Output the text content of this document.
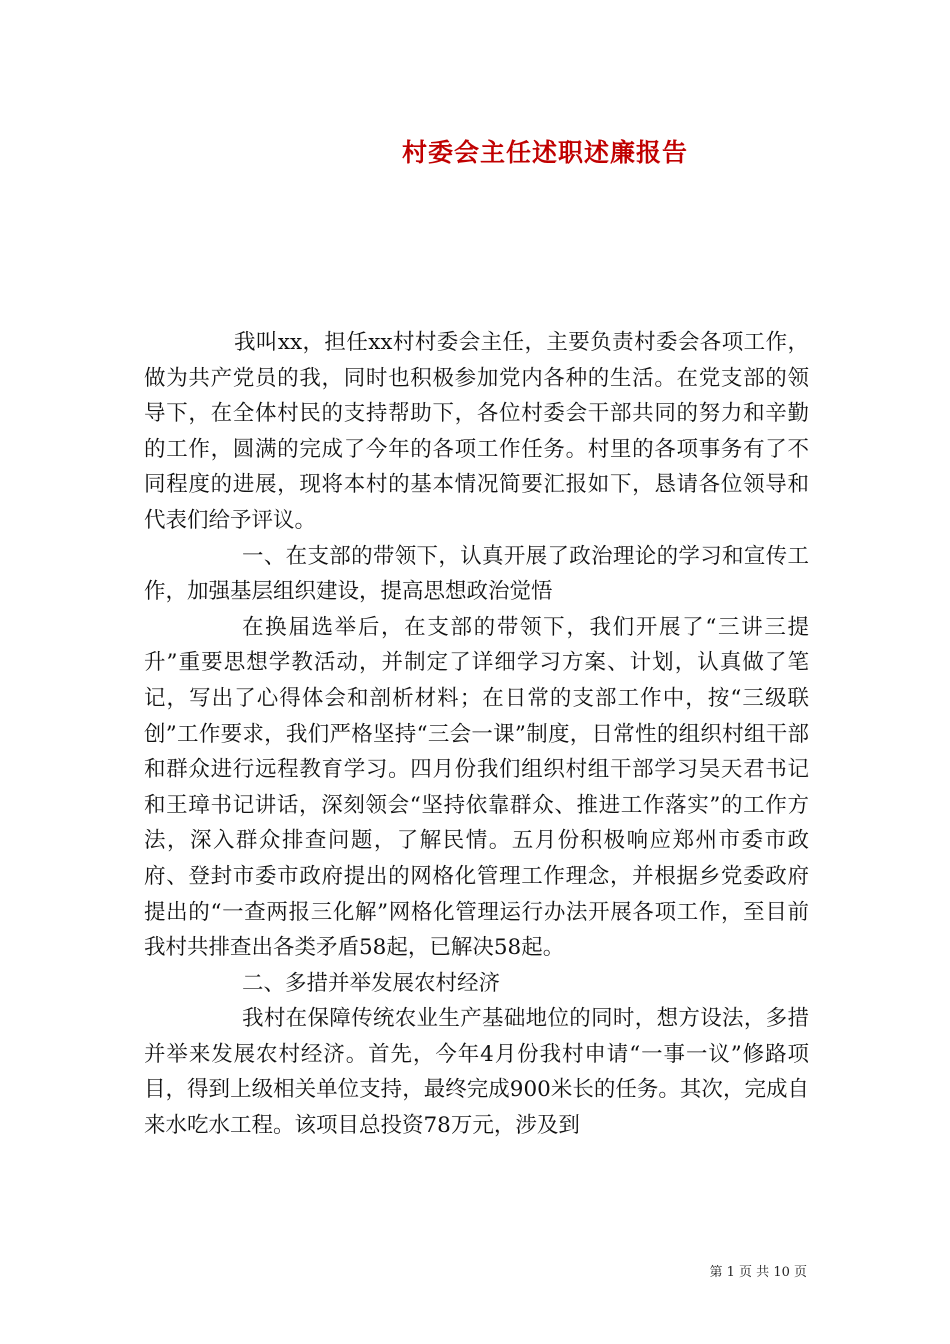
村委会主任述职述廉报告

我叫xx，担任xx村村委会主任，主要负责村委会各项工作，做为共产党员的我，同时也积极参加党内各种的生活。在党支部的领导下，在全体村民的支持帮助下，各位村委会干部共同的努力和辛勤的工作，圆满的完成了今年的各项工作任务。村里的各项事务有了不同程度的进展，现将本村的基本情况简要汇报如下，恳请各位领导和代表们给予评议。

一、在支部的带领下，认真开展了政治理论的学习和宣传工作，加强基层组织建设，提高思想政治觉悟

在换届选举后，在支部的带领下，我们开展了“三讲三提升”重要思想学教活动，并制定了详细学习方案、计划，认真做了笔记，写出了心得体会和剖析材料；在日常的支部工作中，按“三级联创”工作要求，我们严格坚持“三会一课”制度，日常性的组织村组干部和群众进行远程教育学习。四月份我们组织村组干部学习吴天君书记和王璋书记讲话，深刻领会“坚持依靠群众、推进工作落实”的工作方法，深入群众排查问题，了解民情。五月份积极响应郑州市委市政府、登封市委市政府提出的网格化管理工作理念，并根据乡党委政府提出的“一查两报三化解”网格化管理运行办法开展各项工作，至目前我村共排查出各类矛盾58起，已解决58起。

二、多措并举发展农村经济

我村在保障传统农业生产基础地位的同时，想方设法，多措并举来发展农村经济。首先，今年4月份我村申请“一事一议”修路项目，得到上级相关单位支持，最终完成900米长的任务。其次，完成自来水吃水工程。该项目总投资78万元，涉及到

第 1 页 共 10 页
